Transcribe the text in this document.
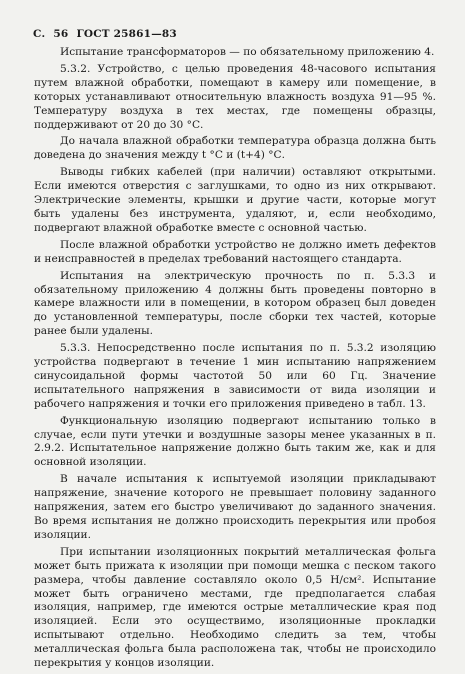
С. 56 ГОСТ 25861—83

Испытание трансформаторов — по обязательному приложению 4.

5.3.2. Устройство, с целью проведения 48-часового испытания путем влажной обработки, помещают в камеру или помещение, в которых устанавливают относительную влажность воздуха 91—95 %. Температуру воздуха в тех местах, где помещены образцы, поддерживают от 20 до 30 °С.

До начала влажной обработки температура образца должна быть доведена до значения между t °С и (t+4) °С.

Выводы гибких кабелей (при наличии) оставляют открытыми. Если имеются отверстия с заглушками, то одно из них открывают. Электрические элементы, крышки и другие части, которые могут быть удалены без инструмента, удаляют, и, если необходимо, подвергают влажной обработке вместе с основной частью.

После влажной обработки устройство не должно иметь дефектов и неисправностей в пределах требований настоящего стандарта.

Испытания на электрическую прочность по п. 5.3.3 и обязательному приложению 4 должны быть проведены повторно в камере влажности или в помещении, в котором образец был доведен до установленной температуры, после сборки тех частей, которые ранее были удалены.

5.3.3. Непосредственно после испытания по п. 5.3.2 изоляцию устройства подвергают в течение 1 мин испытанию напряжением синусоидальной формы частотой 50 или 60 Гц. Значение испытательного напряжения в зависимости от вида изоляции и рабочего напряжения и точки его приложения приведено в табл. 13.

Функциональную изоляцию подвергают испытанию только в случае, если пути утечки и воздушные зазоры менее указанных в п. 2.9.2. Испытательное напряжение должно быть таким же, как и для основной изоляции.

В начале испытания к испытуемой изоляции прикладывают напряжение, значение которого не превышает половину заданного напряжения, затем его быстро увеличивают до заданного значения. Во время испытания не должно происходить перекрытия или пробоя изоляции.

При испытании изоляционных покрытий металлическая фольга может быть прижата к изоляции при помощи мешка с песком такого размера, чтобы давление составляло около 0,5 Н/см². Испытание может быть ограничено местами, где предполагается слабая изоляция, например, где имеются острые металлические края под изоляцией. Если это осуществимо, изоляционные прокладки испытывают отдельно. Необходимо следить за тем, чтобы металлическая фольга была расположена так, чтобы не происходило перекрытия у концов изоляции.
